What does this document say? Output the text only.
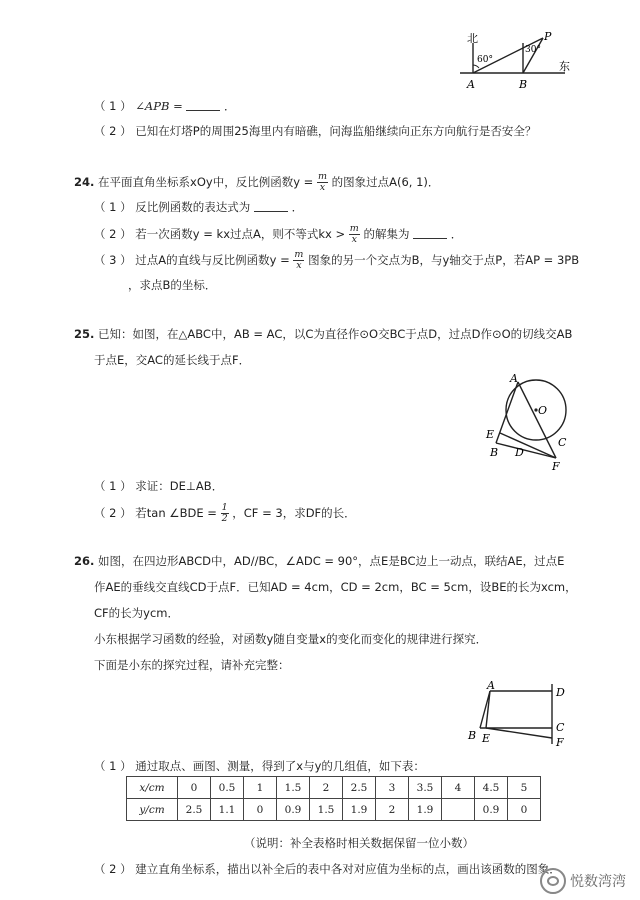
北
东
60°
30°
A	B
P
（ 1 ） ∠APB =	．
（ 2 ） 已知在灯塔P的周围25海里内有暗礁，问海监船继续向正东方向航行是否安全？
24. 在平面直角坐标系xOy中，反比例函数$y = \frac{m}{x}$ 的图象过点A(6, 1)．
（ 1 ） 反比例函数的表达式为	．
（ 2 ） 若一次函数y = kx过点A，则不等式kx > $\frac{m}{x}$ 的解集为	．
（ 3 ） 过点A的直线与反比例函数$y = \frac{m}{x}$ 图象的另一个交点为B，与y轴交于点P，若AP = 3PB
，求点B的坐标．
25. 已知：如图，在△ABC中，AB = AC，以C为直径作⊙O交BC于点D，过点D作⊙O的切线交AB
于点E，交AC的延长线于点F．
A
O
E
B D
C
F
（ 1 ） 求证：DE⊥AB．
（ 2 ） 若tan ∠BDE = $\frac{1}{2}$ ，CF = 3，求DF的长．
26. 如图，在四边形ABCD中，AD//BC，∠ADC = 90°，点E是BC边上一动点，联结AE，过点E
作AE的垂线交直线CD于点F．已知AD = 4cm，CD = 2cm，BC = 5cm，设BE的长为xcm，
CF的长为ycm．
小东根据学习函数的经验，对函数y随自变量x的变化而变化的规律进行探究．
下面是小东的探究过程，请补充完整：
A
D
C
B E	F
（ 1 ） 通过取点、画图、测量，得到了x与y的几组值，如下表：
x/cm	0	0.5	1	1.5	2	2.5	3	3.5	4	4.5	5
y/cm	2.5	1.1	0	0.9	1.5	1.9	2	1.9		0.9	0
（说明：补全表格时相关数据保留一位小数）
（ 2 ） 建立直角坐标系，描出以补全后的表中各对对应值为坐标的点，画出该函数的图象．
悦数湾湾
